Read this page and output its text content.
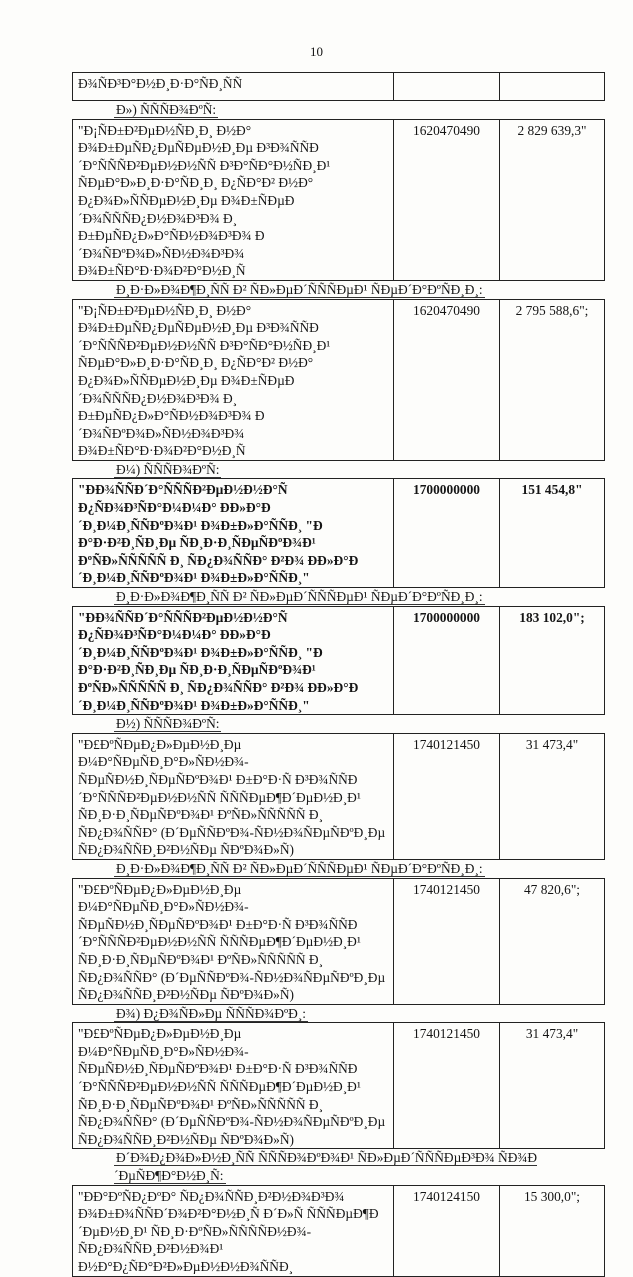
10
Ð¾ÑÐ³Ð°Ð½Ð¸Ð·Ð°ÑÐ¸ÑÑ		
Ð») ÑÑÑÐ¾ÐºÑ:
"Ð¡ÑÐ±Ð²ÐµÐ½ÑÐ¸Ð¸ Ð½Ð° Ð¾Ð±ÐµÑÐ¿ÐµÑÐµÐ½Ð¸Ðµ Ð³Ð¾ÑÑÐ´Ð°ÑÑÑÐ²ÐµÐ½Ð½ÑÑ Ð³Ð°ÑÐ°Ð½ÑÐ¸Ð¹ ÑÐµÐ°Ð»Ð¸Ð·Ð°ÑÐ¸Ð¸ Ð¿ÑÐ°Ð² Ð½Ð° Ð¿Ð¾Ð»ÑÑÐµÐ½Ð¸Ðµ Ð¾Ð±ÑÐµÐ´Ð¾ÑÑÑÐ¿Ð½Ð¾Ð³Ð¾ Ð¸ Ð±ÐµÑÐ¿Ð»Ð°ÑÐ½Ð¾Ð³Ð¾ Ð´Ð¾ÑÐºÐ¾Ð»ÑÐ½Ð¾Ð³Ð¾ Ð¾Ð±ÑÐ°Ð·Ð¾Ð²Ð°Ð½Ð¸Ñ	1620470490	2 829 639,3"
Ð¸Ð·Ð»Ð¾Ð¶Ð¸ÑÑ Ð² ÑÐ»ÐµÐ´ÑÑÑÐµÐ¹ ÑÐµÐ´Ð°ÐºÑÐ¸Ð¸:
"Ð¡ÑÐ±Ð²ÐµÐ½ÑÐ¸Ð¸ Ð½Ð° Ð¾Ð±ÐµÑÐ¿ÐµÑÐµÐ½Ð¸Ðµ Ð³Ð¾ÑÑÐ´Ð°ÑÑÑÐ²ÐµÐ½Ð½ÑÑ Ð³Ð°ÑÐ°Ð½ÑÐ¸Ð¹ ÑÐµÐ°Ð»Ð¸Ð·Ð°ÑÐ¸Ð¸ Ð¿ÑÐ°Ð² Ð½Ð° Ð¿Ð¾Ð»ÑÑÐµÐ½Ð¸Ðµ Ð¾Ð±ÑÐµÐ´Ð¾ÑÑÑÐ¿Ð½Ð¾Ð³Ð¾ Ð¸ Ð±ÐµÑÐ¿Ð»Ð°ÑÐ½Ð¾Ð³Ð¾ Ð´Ð¾ÑÐºÐ¾Ð»ÑÐ½Ð¾Ð³Ð¾ Ð¾Ð±ÑÐ°Ð·Ð¾Ð²Ð°Ð½Ð¸Ñ	1620470490	2 795 588,6";
Ð¼) ÑÑÑÐ¾ÐºÑ:
"ÐÐ¾ÑÑÐ´Ð°ÑÑÑÐ²ÐµÐ½Ð½Ð°Ñ Ð¿ÑÐ¾Ð³ÑÐ°Ð¼Ð¼Ð° ÐÐ»Ð°Ð´Ð¸Ð¼Ð¸ÑÑÐºÐ¾Ð¹ Ð¾Ð±Ð»Ð°ÑÑÐ¸ "Ð Ð°Ð·Ð²Ð¸ÑÐ¸Ðµ ÑÐ¸Ð·Ð¸ÑÐµÑÐºÐ¾Ð¹ ÐºÑÐ»ÑÑÑÑÑ Ð¸ ÑÐ¿Ð¾ÑÑÐ° Ð²Ð¾ ÐÐ»Ð°Ð´Ð¸Ð¼Ð¸ÑÑÐºÐ¾Ð¹ Ð¾Ð±Ð»Ð°ÑÑÐ¸"	1700000000	151 454,8"
Ð¸Ð·Ð»Ð¾Ð¶Ð¸ÑÑ Ð² ÑÐ»ÐµÐ´ÑÑÑÐµÐ¹ ÑÐµÐ´Ð°ÐºÑÐ¸Ð¸:
"ÐÐ¾ÑÑÐ´Ð°ÑÑÑÐ²ÐµÐ½Ð½Ð°Ñ Ð¿ÑÐ¾Ð³ÑÐ°Ð¼Ð¼Ð° ÐÐ»Ð°Ð´Ð¸Ð¼Ð¸ÑÑÐºÐ¾Ð¹ Ð¾Ð±Ð»Ð°ÑÑÐ¸ "Ð Ð°Ð·Ð²Ð¸ÑÐ¸Ðµ ÑÐ¸Ð·Ð¸ÑÐµÑÐºÐ¾Ð¹ ÐºÑÐ»ÑÑÑÑÑ Ð¸ ÑÐ¿Ð¾ÑÑÐ° Ð²Ð¾ ÐÐ»Ð°Ð´Ð¸Ð¼Ð¸ÑÑÐºÐ¾Ð¹ Ð¾Ð±Ð»Ð°ÑÑÐ¸"	1700000000	183 102,0";
Ð½) ÑÑÑÐ¾ÐºÑ:
"Ð£ÐºÑÐµÐ¿Ð»ÐµÐ½Ð¸Ðµ Ð¼Ð°ÑÐµÑÐ¸Ð°Ð»ÑÐ½Ð¾-ÑÐµÑÐ½Ð¸ÑÐµÑÐºÐ¾Ð¹ Ð±Ð°Ð·Ñ Ð³Ð¾ÑÑÐ´Ð°ÑÑÑÐ²ÐµÐ½Ð½ÑÑ ÑÑÑÐµÐ¶Ð´ÐµÐ½Ð¸Ð¹ ÑÐ¸Ð·Ð¸ÑÐµÑÐºÐ¾Ð¹ ÐºÑÐ»ÑÑÑÑÑ Ð¸ ÑÐ¿Ð¾ÑÑÐ° (Ð´ÐµÑÑÐºÐ¾-ÑÐ½Ð¾ÑÐµÑÐºÐ¸Ðµ ÑÐ¿Ð¾ÑÑÐ¸Ð²Ð½ÑÐµ ÑÐºÐ¾Ð»Ñ)	1740121450	31 473,4"
Ð¸Ð·Ð»Ð¾Ð¶Ð¸ÑÑ Ð² ÑÐ»ÐµÐ´ÑÑÑÐµÐ¹ ÑÐµÐ´Ð°ÐºÑÐ¸Ð¸:
"Ð£ÐºÑÐµÐ¿Ð»ÐµÐ½Ð¸Ðµ Ð¼Ð°ÑÐµÑÐ¸Ð°Ð»ÑÐ½Ð¾-ÑÐµÑÐ½Ð¸ÑÐµÑÐºÐ¾Ð¹ Ð±Ð°Ð·Ñ Ð³Ð¾ÑÑÐ´Ð°ÑÑÑÐ²ÐµÐ½Ð½ÑÑ ÑÑÑÐµÐ¶Ð´ÐµÐ½Ð¸Ð¹ ÑÐ¸Ð·Ð¸ÑÐµÑÐºÐ¾Ð¹ ÐºÑÐ»ÑÑÑÑÑ Ð¸ ÑÐ¿Ð¾ÑÑÐ° (Ð´ÐµÑÑÐºÐ¾-ÑÐ½Ð¾ÑÐµÑÐºÐ¸Ðµ ÑÐ¿Ð¾ÑÑÐ¸Ð²Ð½ÑÐµ ÑÐºÐ¾Ð»Ñ)	1740121450	47 820,6";
Ð¾) Ð¿Ð¾ÑÐ»Ðµ ÑÑÑÐ¾ÐºÐ¸:
"Ð£ÐºÑÐµÐ¿Ð»ÐµÐ½Ð¸Ðµ Ð¼Ð°ÑÐµÑÐ¸Ð°Ð»ÑÐ½Ð¾-ÑÐµÑÐ½Ð¸ÑÐµÑÐºÐ¾Ð¹ Ð±Ð°Ð·Ñ Ð³Ð¾ÑÑÐ´Ð°ÑÑÑÐ²ÐµÐ½Ð½ÑÑ ÑÑÑÐµÐ¶Ð´ÐµÐ½Ð¸Ð¹ ÑÐ¸Ð·Ð¸ÑÐµÑÐºÐ¾Ð¹ ÐºÑÐ»ÑÑÑÑÑ Ð¸ ÑÐ¿Ð¾ÑÑÐ° (Ð´ÐµÑÑÐºÐ¾-ÑÐ½Ð¾ÑÐµÑÐºÐ¸Ðµ ÑÐ¿Ð¾ÑÑÐ¸Ð²Ð½ÑÐµ ÑÐºÐ¾Ð»Ñ)	1740121450	31 473,4"
Ð´Ð¾Ð¿Ð¾Ð»Ð½Ð¸ÑÑ ÑÑÑÐ¾ÐºÐ¾Ð¹ ÑÐ»ÐµÐ´ÑÑÑÐµÐ³Ð¾ ÑÐ¾Ð´ÐµÑÐ¶Ð°Ð½Ð¸Ñ:
"ÐÐ°ÐºÑÐ¿ÐºÐ° ÑÐ¿Ð¾ÑÑÐ¸Ð²Ð½Ð¾Ð³Ð¾ Ð¾Ð±Ð¾ÑÑÐ´Ð¾Ð²Ð°Ð½Ð¸Ñ Ð´Ð»Ñ ÑÑÑÐµÐ¶Ð´ÐµÐ½Ð¸Ð¹ ÑÐ¸Ð·ÐºÑÐ»ÑÑÑÑÐ½Ð¾-ÑÐ¿Ð¾ÑÑÐ¸Ð²Ð½Ð¾Ð¹ Ð½Ð°Ð¿ÑÐ°Ð²Ð»ÐµÐ½Ð½Ð¾ÑÑÐ¸	1740124150	15 300,0";
